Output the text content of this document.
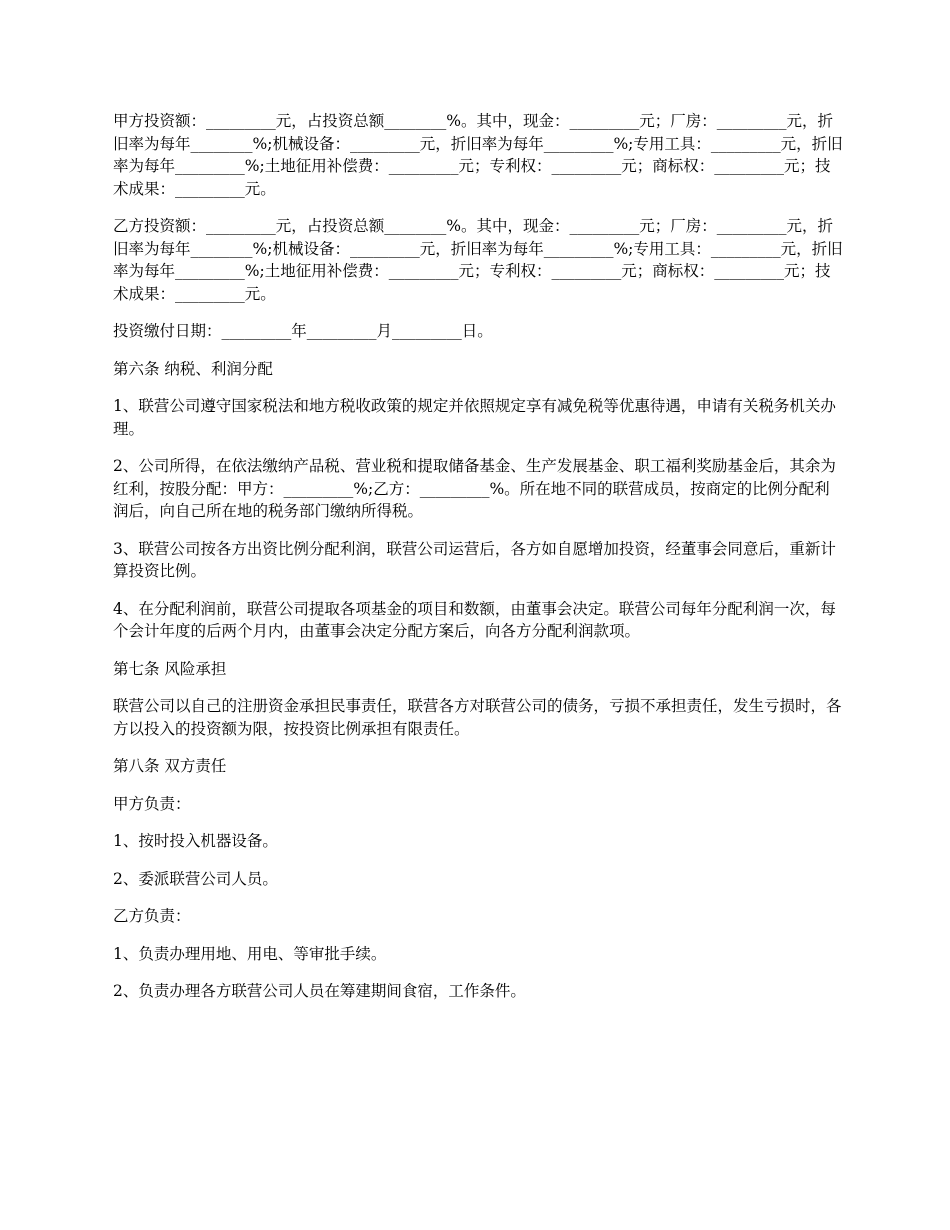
甲方投资额：_________元，占投资总额________%。其中，现金：_________元；厂房：_________元，折旧率为每年________%;机械设备：_________元，折旧率为每年_________%;专用工具：_________元，折旧率为每年_________%;土地征用补偿费：_________元；专利权：_________元；商标权：_________元；技术成果：_________元。

乙方投资额：_________元，占投资总额________%。其中，现金：_________元；厂房：_________元，折旧率为每年________%;机械设备：_________元，折旧率为每年_________%;专用工具：_________元，折旧率为每年_________%;土地征用补偿费：_________元；专利权：_________元；商标权：_________元；技术成果：_________元。

投资缴付日期：_________年_________月_________日。

第六条 纳税、利润分配

1、联营公司遵守国家税法和地方税收政策的规定并依照规定享有减免税等优惠待遇，申请有关税务机关办理。

2、公司所得，在依法缴纳产品税、营业税和提取储备基金、生产发展基金、职工福利奖励基金后，其余为红利，按股分配：甲方：_________%;乙方：_________%。所在地不同的联营成员，按商定的比例分配利润后，向自己所在地的税务部门缴纳所得税。

3、联营公司按各方出资比例分配利润，联营公司运营后，各方如自愿增加投资，经董事会同意后，重新计算投资比例。

4、在分配利润前，联营公司提取各项基金的项目和数额，由董事会决定。联营公司每年分配利润一次，每个会计年度的后两个月内，由董事会决定分配方案后，向各方分配利润款项。

第七条 风险承担

联营公司以自己的注册资金承担民事责任，联营各方对联营公司的债务，亏损不承担责任，发生亏损时，各方以投入的投资额为限，按投资比例承担有限责任。

第八条 双方责任

甲方负责：

1、按时投入机器设备。

2、委派联营公司人员。

乙方负责：

1、负责办理用地、用电、等审批手续。

2、负责办理各方联营公司人员在筹建期间食宿，工作条件。
